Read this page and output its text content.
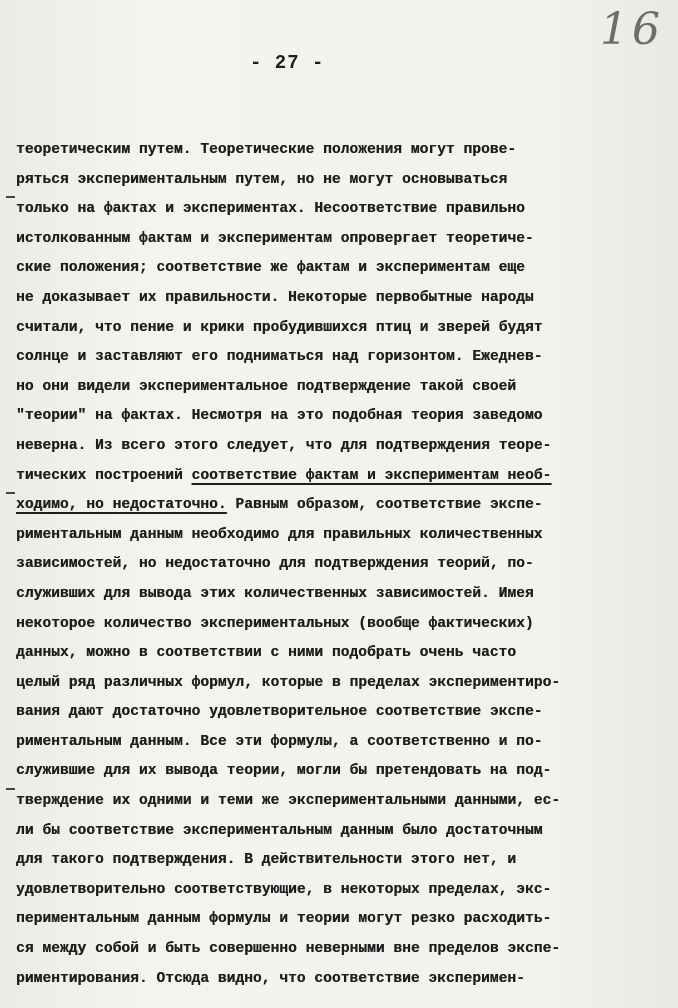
16
- 27 -
теоретическим путем. Теоретические положения могут прове-
ряться экспериментальным путем, но не могут основываться
только на фактах и экспериментах. Несоответствие правильно
истолкованным фактам и экспериментам опровергает теоретиче-
ские положения; соответствие же фактам и экспериментам еще
не доказывает их правильности. Некоторые первобытные народы
считали, что пение и крики пробудившихся птиц и зверей будят
солнце и заставляют его подниматься над горизонтом. Ежеднев-
но они видели экспериментальное подтверждение такой своей
"теории" на фактах. Несмотря на это подобная теория заведомо
неверна. Из всего этого следует, что для подтверждения теоре-
тических построений соответствие фактам и экспериментам необ-
ходимо, но недостаточно. Равным образом, соответствие экспе-
риментальным данным необходимо для правильных количественных
зависимостей, но недостаточно для подтверждения теорий, по-
служивших для вывода этих количественных зависимостей. Имея
некоторое количество экспериментальных (вообще фактических)
данных, можно в соответствии с ними подобрать очень часто
целый ряд различных формул, которые в пределах экспериментиро-
вания дают достаточно удовлетворительное соответствие экспе-
риментальным данным. Все эти формулы, а соответственно и по-
служившие для их вывода теории, могли бы претендовать на под-
тверждение их одними и теми же экспериментальными данными, ес-
ли бы соответствие экспериментальным данным было достаточным
для такого подтверждения. В действительности этого нет, и
удовлетворительно соответствующие, в некоторых пределах, экс-
периментальным данным формулы и теории могут резко расходить-
ся между собой и быть совершенно неверными вне пределов экспе-
риментирования. Отсюда видно, что соответствие эксперимен-
